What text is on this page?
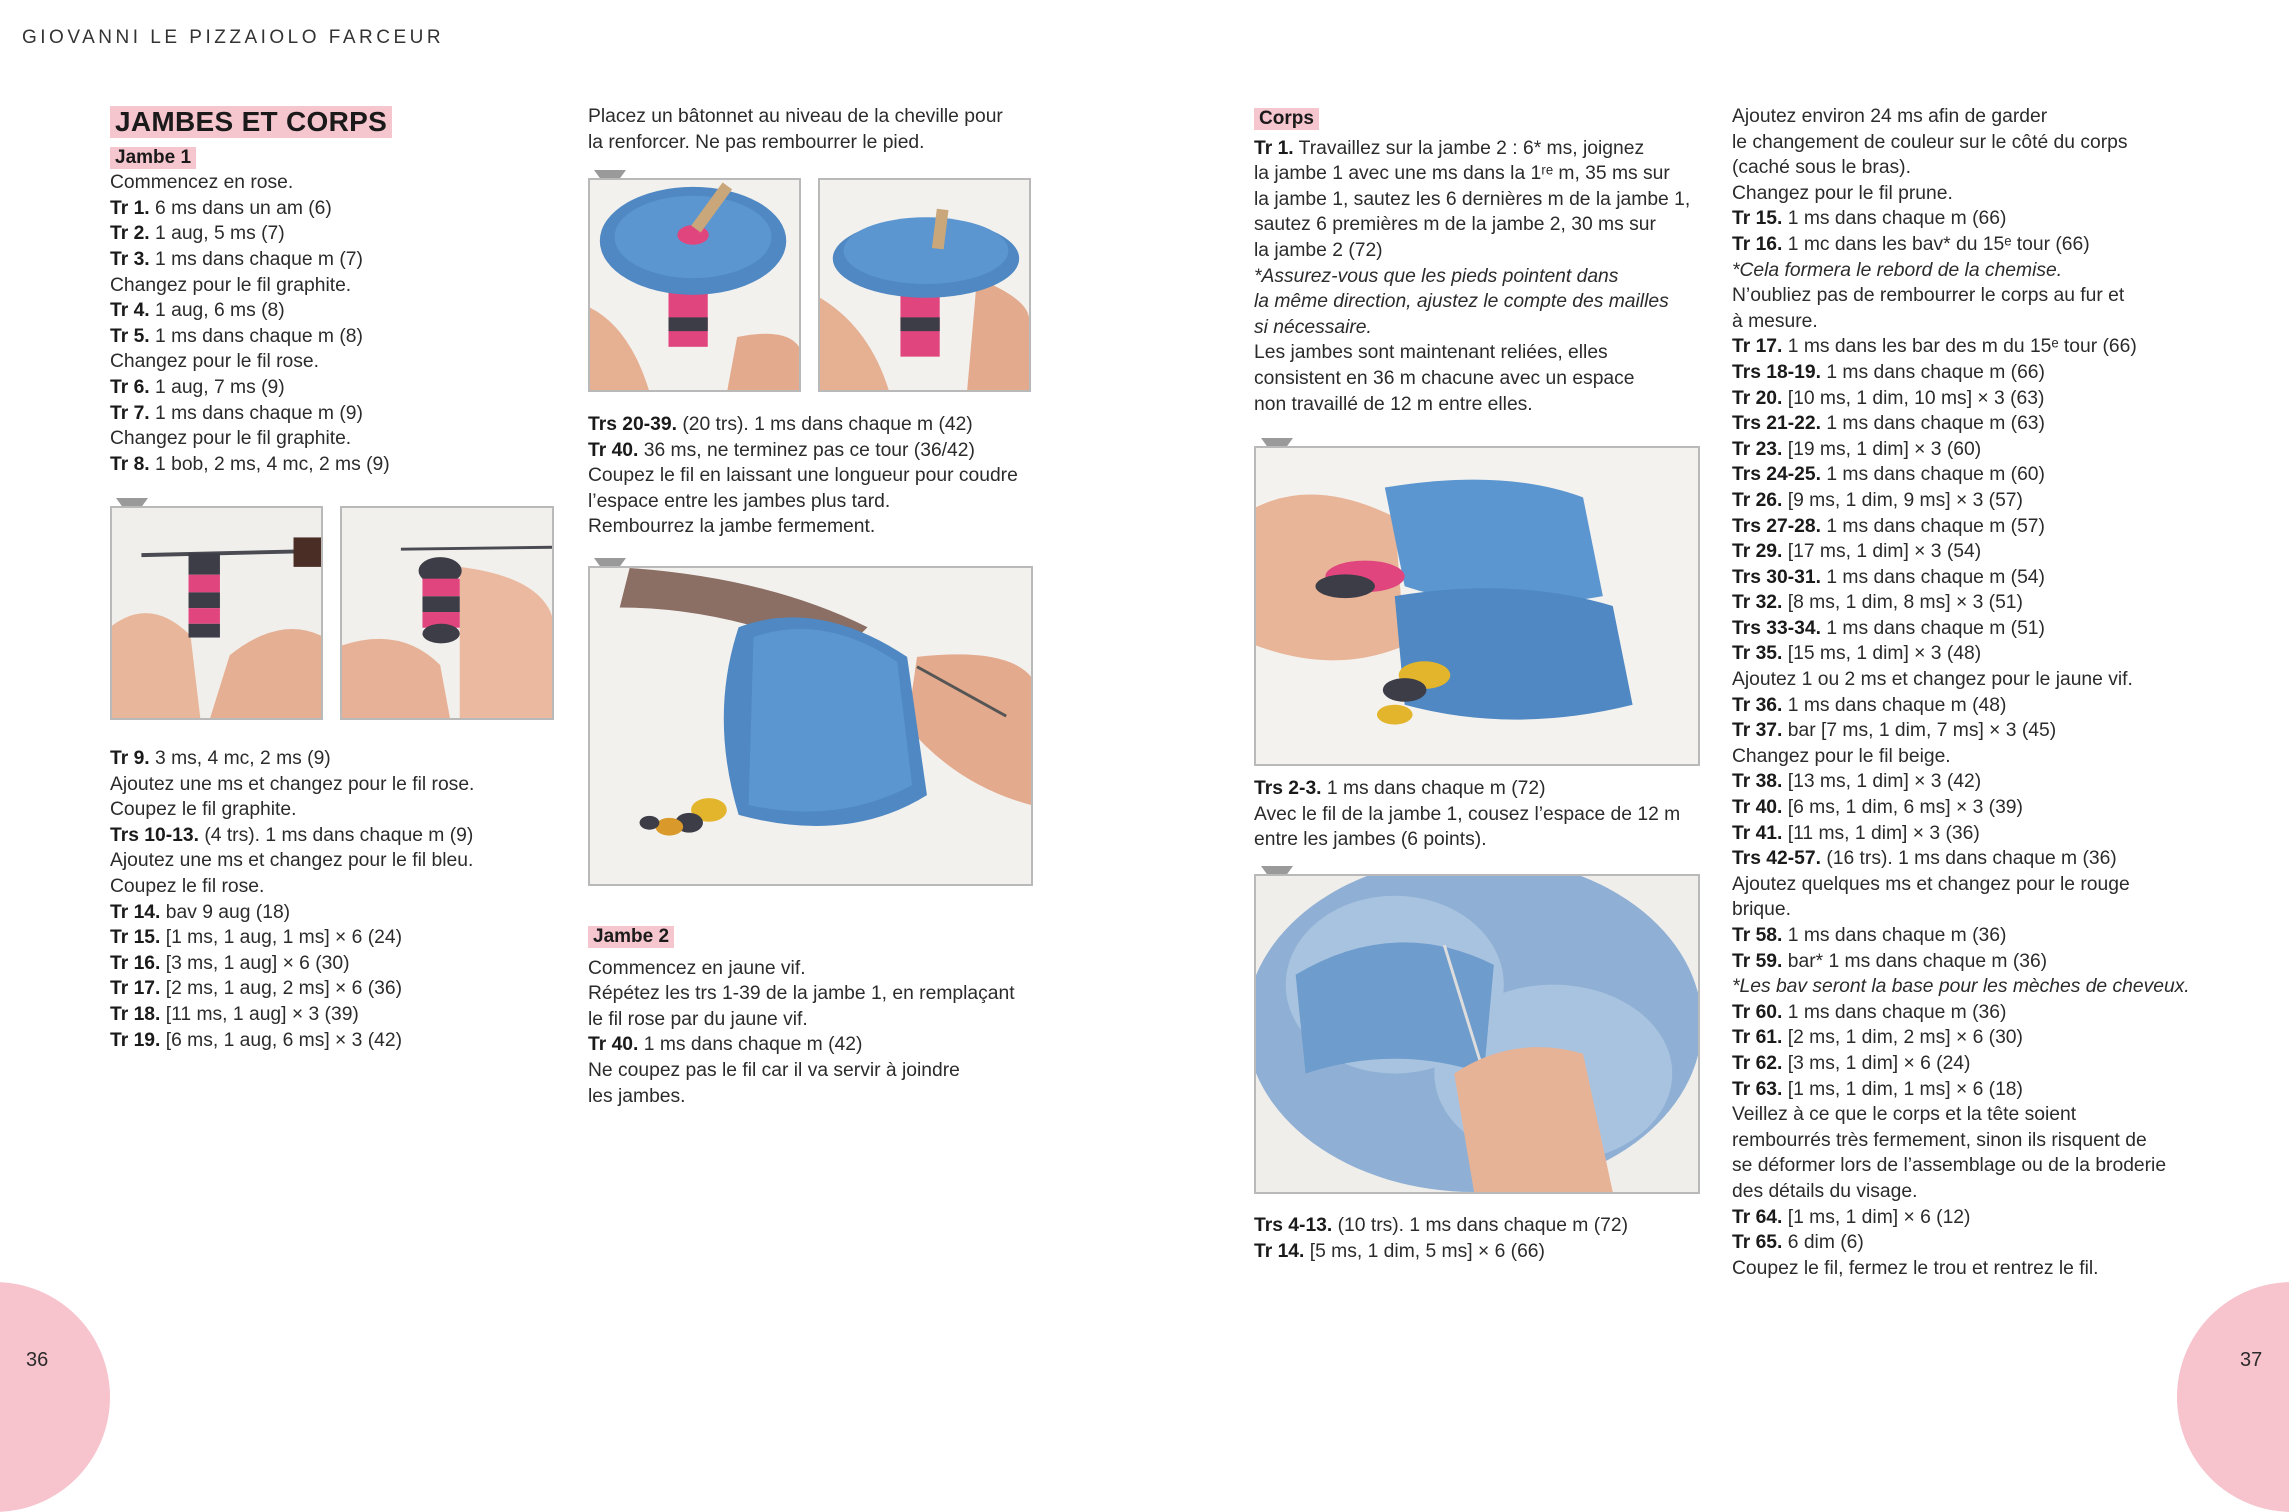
GIOVANNI LE PIZZAIOLO FARCEUR
JAMBES ET CORPS
Jambe 1

Commencez en rose.

Tr 1. 6 ms dans un am (6)

Tr 2. 1 aug, 5 ms (7)

Tr 3. 1 ms dans chaque m (7)

Changez pour le fil graphite.

Tr 4. 1 aug, 6 ms (8)

Tr 5. 1 ms dans chaque m (8)

Changez pour le fil rose.

Tr 6. 1 aug, 7 ms (9)

Tr 7. 1 ms dans chaque m (9)

Changez pour le fil graphite.

Tr 8. 1 bob, 2 ms, 4 mc, 2 ms (9)

Tr 9. 3 ms, 4 mc, 2 ms (9)

Ajoutez une ms et changez pour le fil rose.

Coupez le fil graphite.

Trs 10-13. (4 trs). 1 ms dans chaque m (9)

Ajoutez une ms et changez pour le fil bleu.

Coupez le fil rose.

Tr 14. bav 9 aug (18)

Tr 15. [1 ms, 1 aug, 1 ms] × 6 (24)

Tr 16. [3 ms, 1 aug] × 6 (30)

Tr 17. [2 ms, 1 aug, 2 ms] × 6 (36)

Tr 18. [11 ms, 1 aug] × 3 (39)

Tr 19. [6 ms, 1 aug, 6 ms] × 3 (42)

Placez un bâtonnet au niveau de la cheville pour

la renforcer. Ne pas rembourrer le pied.

Trs 20-39. (20 trs). 1 ms dans chaque m (42)

Tr 40. 36 ms, ne terminez pas ce tour (36/42)

Coupez le fil en laissant une longueur pour coudre

l’espace entre les jambes plus tard.

Rembourrez la jambe fermement.

Jambe 2

Commencez en jaune vif.

Répétez les trs 1-39 de la jambe 1, en remplaçant

le fil rose par du jaune vif.

Tr 40. 1 ms dans chaque m (42)

Ne coupez pas le fil car il va servir à joindre

les jambes.

Corps

Tr 1. Travaillez sur la jambe 2 : 6* ms, joignez

la jambe 1 avec une ms dans la 1ʳᵉ m, 35 ms sur

la jambe 1, sautez les 6 dernières m de la jambe 1,

sautez 6 premières m de la jambe 2, 30 ms sur

la jambe 2 (72)

*Assurez-vous que les pieds pointent dans

la même direction, ajustez le compte des mailles

si nécessaire.

Les jambes sont maintenant reliées, elles

consistent en 36 m chacune avec un espace

non travaillé de 12 m entre elles.

Trs 2-3. 1 ms dans chaque m (72)

Avec le fil de la jambe 1, cousez l’espace de 12 m

entre les jambes (6 points).

Trs 4-13. (10 trs). 1 ms dans chaque m (72)

Tr 14. [5 ms, 1 dim, 5 ms] × 6 (66)

Ajoutez environ 24 ms afin de garder

le changement de couleur sur le côté du corps

(caché sous le bras).

Changez pour le fil prune.

Tr 15. 1 ms dans chaque m (66)

Tr 16. 1 mc dans les bav* du 15ᵉ tour (66)

*Cela formera le rebord de la chemise.

N’oubliez pas de rembourrer le corps au fur et

à mesure.

Tr 17. 1 ms dans les bar des m du 15ᵉ tour (66)

Trs 18-19. 1 ms dans chaque m (66)

Tr 20. [10 ms, 1 dim, 10 ms] × 3 (63)

Trs 21-22. 1 ms dans chaque m (63)

Tr 23. [19 ms, 1 dim] × 3 (60)

Trs 24-25. 1 ms dans chaque m (60)

Tr 26. [9 ms, 1 dim, 9 ms] × 3 (57)

Trs 27-28. 1 ms dans chaque m (57)

Tr 29. [17 ms, 1 dim] × 3 (54)

Trs 30-31. 1 ms dans chaque m (54)

Tr 32. [8 ms, 1 dim, 8 ms] × 3 (51)

Trs 33-34. 1 ms dans chaque m (51)

Tr 35. [15 ms, 1 dim] × 3 (48)

Ajoutez 1 ou 2 ms et changez pour le jaune vif.

Tr 36. 1 ms dans chaque m (48)

Tr 37. bar [7 ms, 1 dim, 7 ms] × 3 (45)

Changez pour le fil beige.

Tr 38. [13 ms, 1 dim] × 3 (42)

Tr 40. [6 ms, 1 dim, 6 ms] × 3 (39)

Tr 41. [11 ms, 1 dim] × 3 (36)

Trs 42-57. (16 trs). 1 ms dans chaque m (36)

Ajoutez quelques ms et changez pour le rouge

brique.

Tr 58. 1 ms dans chaque m (36)

Tr 59. bar* 1 ms dans chaque m (36)

*Les bav seront la base pour les mèches de cheveux.

Tr 60. 1 ms dans chaque m (36)

Tr 61. [2 ms, 1 dim, 2 ms] × 6 (30)

Tr 62. [3 ms, 1 dim] × 6 (24)

Tr 63. [1 ms, 1 dim, 1 ms] × 6 (18)

Veillez à ce que le corps et la tête soient

rembourrés très fermement, sinon ils risquent de

se déformer lors de l’assemblage ou de la broderie

des détails du visage.

Tr 64. [1 ms, 1 dim] × 6 (12)

Tr 65. 6 dim (6)

Coupez le fil, fermez le trou et rentrez le fil.

36	37
